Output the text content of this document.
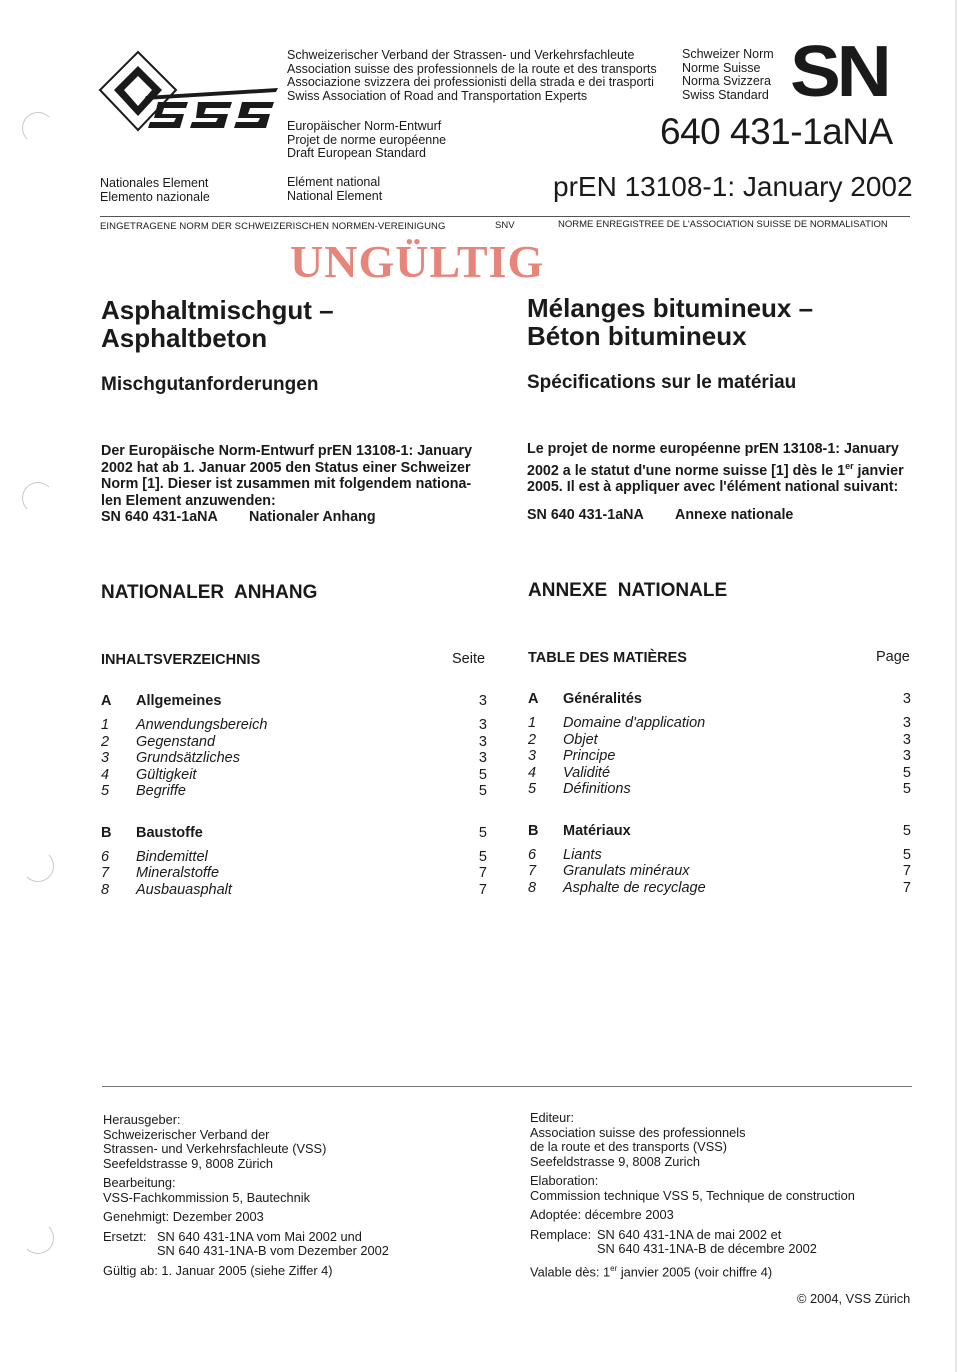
Schweizerischer Verband der Strassen- und Verkehrsfachleute
Association suisse des professionnels de la route et des transports
Associazione svizzera dei professionisti della strada e dei trasporti
Swiss Association of Road and Transportation Experts
Schweizer Norm
Norme Suisse
Norma Svizzera
Swiss Standard SN
Europäischer Norm-Entwurf
Projet de norme européenne
Draft European Standard
640 431-1aNA
Nationales Element
Elemento nazionale
Elément national
National Element	prEN 13108-1: January 2002
EINGETRAGENE NORM DER SCHWEIZERISCHEN NORMEN-VEREINIGUNG	SNV	NORME ENREGISTREE DE L'ASSOCIATION SUISSE DE NORMALISATION
UNGÜLTIG
Asphaltmischgut –
Asphaltbeton
Mischgutanforderungen
Der Europäische Norm-Entwurf prEN 13108-1: January
2002 hat ab 1. Januar 2005 den Status einer Schweizer
Norm [1]. Dieser ist zusammen mit folgendem nationa-
len Element anzuwenden:
SN 640 431-1aNA Nationaler Anhang
NATIONALER  ANHANG
INHALTSVERZEICHNIS	Seite
A Allgemeines	3
1 Anwendungsbereich	3
2 Gegenstand	3
3 Grundsätzliches	3
4 Gültigkeit	5
5 Begriffe	5
B Baustoffe	5
6 Bindemittel	5
7 Mineralstoffe	7
8 Ausbauasphalt	7
Mélanges bitumineux –
Béton bitumineux
Spécifications sur le matériau
Le projet de norme européenne prEN 13108-1: January
2002 a le statut d'une norme suisse [1] dès le 1er janvier
2005. Il est à appliquer avec l'élément national suivant:
SN 640 431-1aNA Annexe nationale
ANNEXE  NATIONALE
TABLE DES MATIÈRES	Page
A Généralités	3
1 Domaine d'application	3
2 Objet	3
3 Principe	3
4 Validité	5
5 Définitions	5
B Matériaux	5
6 Liants	5
7 Granulats minéraux	7
8 Asphalte de recyclage	7
Herausgeber:
Schweizerischer Verband der
Strassen- und Verkehrsfachleute (VSS)
Seefeldstrasse 9, 8008 Zürich
Bearbeitung:
VSS-Fachkommission 5, Bautechnik
Genehmigt: Dezember 2003
Ersetzt: SN 640 431-1NA vom Mai 2002 und
SN 640 431-1NA-B vom Dezember 2002
Gültig ab: 1. Januar 2005 (siehe Ziffer 4)
Editeur:
Association suisse des professionnels
de la route et des transports (VSS)
Seefeldstrasse 9, 8008 Zurich
Elaboration:
Commission technique VSS 5, Technique de construction
Adoptée: décembre 2003
Remplace: SN 640 431-1NA de mai 2002 et
SN 640 431-1NA-B de décembre 2002
Valable dès: 1er janvier 2005 (voir chiffre 4)
© 2004, VSS Zürich
